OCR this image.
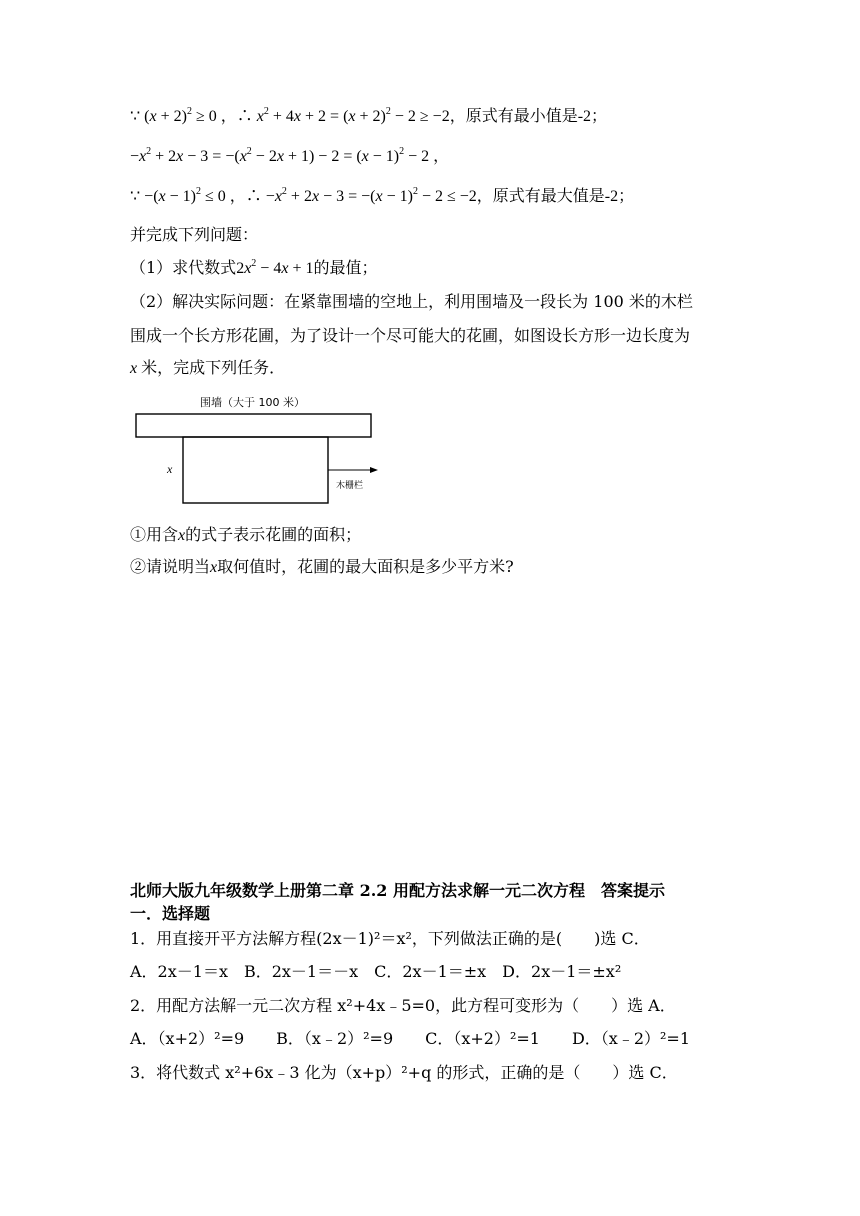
∵ $(x + 2)^2 \ge 0$ ，∴ $x^2 + 4x + 2 = (x + 2)^2 - 2 \ge -2$，原式有最小值是-2；
$-x^2 + 2x - 3 = -(x^2 - 2x + 1) - 2 = (x - 1)^2 - 2$ ，
∵ $-(x - 1)^2 \le 0$ ，∴ $-x^2 + 2x - 3 = -(x - 1)^2 - 2 \le -2$，原式有最大值是-2；
并完成下列问题：
（1）求代数式$2x^2 - 4x + 1$的最值；
（2）解决实际问题：在紧靠围墙的空地上，利用围墙及一段长为 100 米的木栏
围成一个长方形花圃，为了设计一个尽可能大的花圃，如图设长方形一边长度为
x 米，完成下列任务．
围墙（大于 100 米）
x
木栅栏
①用含x的式子表示花圃的面积；
②请说明当x取何值时，花圃的最大面积是多少平方米?
北师大版九年级数学上册第二章 2.2 用配方法求解一元二次方程　答案提示
一．选择题
1．用直接开平方法解方程(2x－1)²＝x²，下列做法正确的是(　　)选 C．
A．2x－1＝x　B．2x－1＝－x　C．2x－1＝±x　D．2x－1＝±x²
2．用配方法解一元二次方程 x²+4x﹣5=0，此方程可变形为（　　）选 A．
A．（x+2）²=9　　B．（x﹣2）²=9　　C．（x+2）²=1　　D．（x﹣2）²=1
3．将代数式 x²+6x﹣3 化为（x+p）²+q 的形式，正确的是（　　）选 C．
